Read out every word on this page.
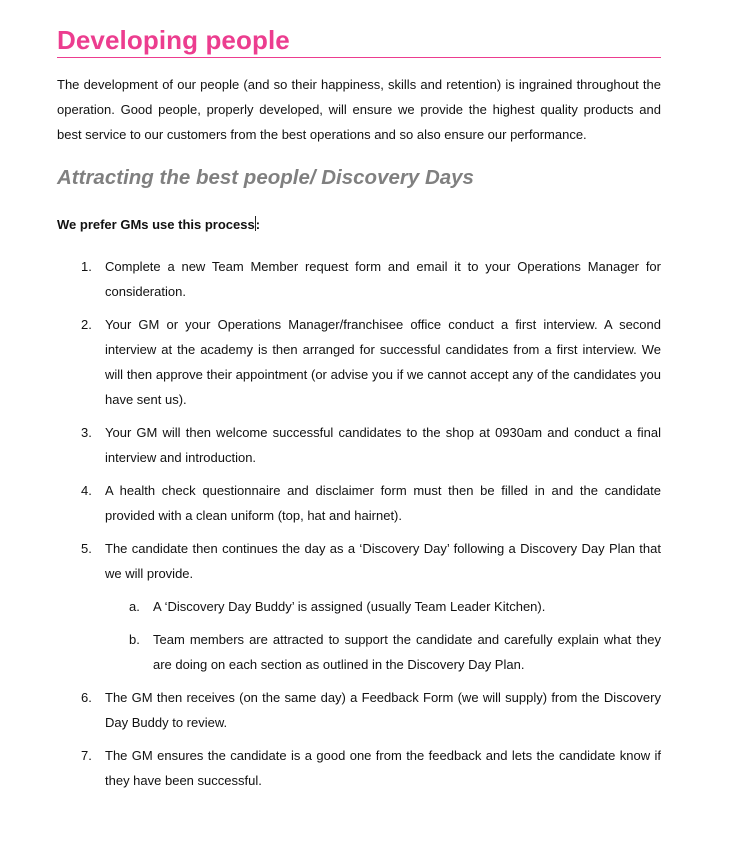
Developing people

The development of our people (and so their happiness, skills and retention) is ingrained throughout the operation. Good people, properly developed, will ensure we provide the highest quality products and best service to our customers from the best operations and so also ensure our performance.

Attracting the best people/ Discovery Days

We prefer GMs use this process:

1. Complete a new Team Member request form and email it to your Operations Manager for consideration.
2. Your GM or your Operations Manager/franchisee office conduct a first interview. A second interview at the academy is then arranged for successful candidates from a first interview. We will then approve their appointment (or advise you if we cannot accept any of the candidates you have sent us).
3. Your GM will then welcome successful candidates to the shop at 0930am and conduct a final interview and introduction.
4. A health check questionnaire and disclaimer form must then be filled in and the candidate provided with a clean uniform (top, hat and hairnet).
5. The candidate then continues the day as a ‘Discovery Day’ following a Discovery Day Plan that we will provide.
a. A ‘Discovery Day Buddy’ is assigned (usually Team Leader Kitchen).
b. Team members are attracted to support the candidate and carefully explain what they are doing on each section as outlined in the Discovery Day Plan.
6. The GM then receives (on the same day) a Feedback Form (we will supply) from the Discovery Day Buddy to review.
7. The GM ensures the candidate is a good one from the feedback and lets the candidate know if they have been successful.
